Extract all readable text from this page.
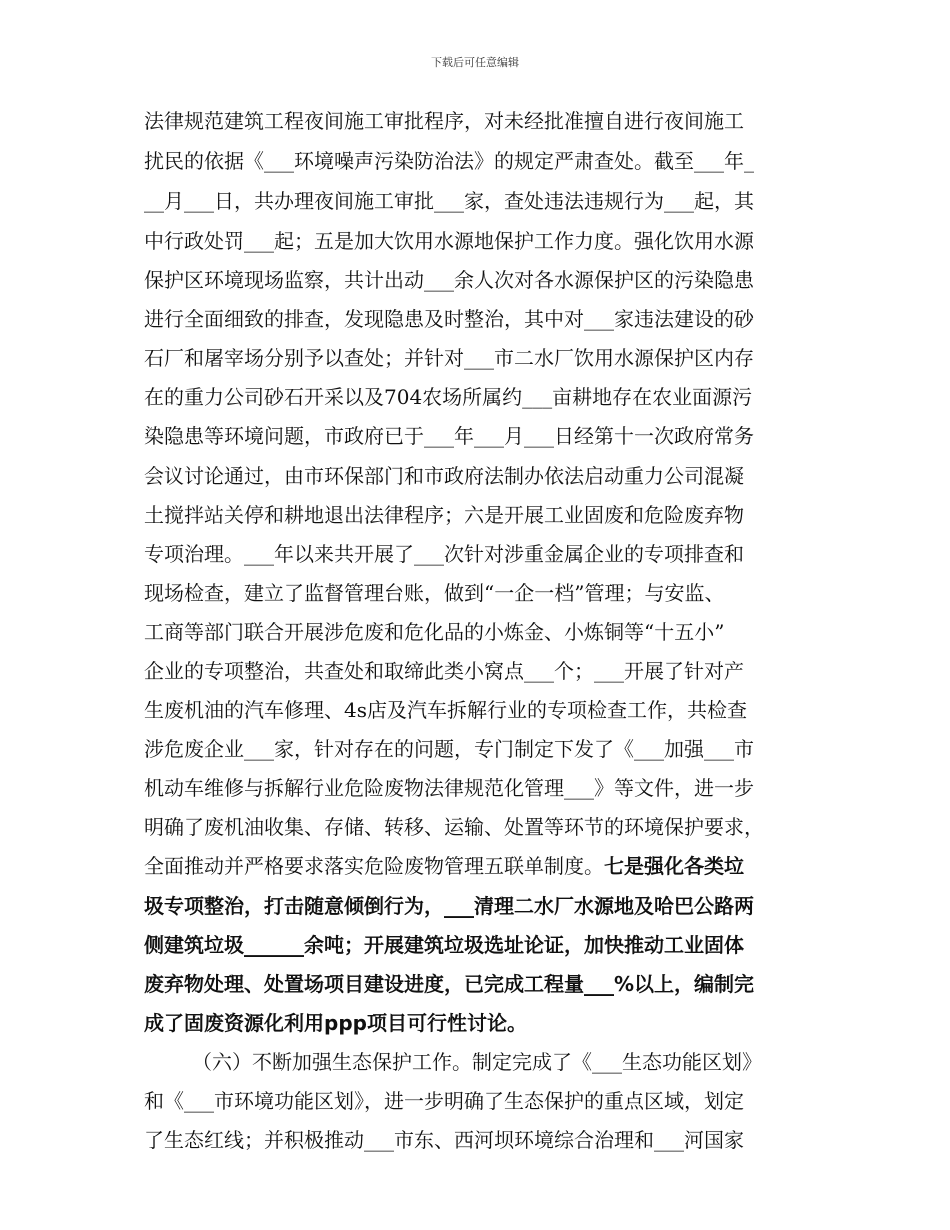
下载后可任意编辑
法律规范建筑工程夜间施工审批程序，对未经批准擅自进行夜间施工
扰民的依据《___环境噪声污染防治法》的规定严肃查处。截至___年_
__月___日，共办理夜间施工审批___家，查处违法违规行为___起，其
中行政处罚___起；五是加大饮用水源地保护工作力度。强化饮用水源
保护区环境现场监察，共计出动___余人次对各水源保护区的污染隐患
进行全面细致的排查，发现隐患及时整治，其中对___家违法建设的砂
石厂和屠宰场分别予以查处；并针对___市二水厂饮用水源保护区内存
在的重力公司砂石开采以及704农场所属约___亩耕地存在农业面源污
染隐患等环境问题，市政府已于___年___月___日经第十一次政府常务
会议讨论通过，由市环保部门和市政府法制办依法启动重力公司混凝
土搅拌站关停和耕地退出法律程序；六是开展工业固废和危险废弃物
专项治理。___年以来共开展了___次针对涉重金属企业的专项排查和
现场检查，建立了监督管理台账，做到“一企一档”管理；与安监、
工商等部门联合开展涉危废和危化品的小炼金、小炼铜等“十五小”
企业的专项整治，共查处和取缔此类小窝点___个；___开展了针对产
生废机油的汽车修理、4s店及汽车拆解行业的专项检查工作，共检查
涉危废企业___家，针对存在的问题，专门制定下发了《___加强___市
机动车维修与拆解行业危险废物法律规范化管理___》等文件，进一步
明确了废机油收集、存储、转移、运输、处置等环节的环境保护要求，
全面推动并严格要求落实危险废物管理五联单制度。七是强化各类垃
圾专项整治，打击随意倾倒行为，___清理二水厂水源地及哈巴公路两
侧建筑垃圾______余吨；开展建筑垃圾选址论证，加快推动工业固体
废弃物处理、处置场项目建设进度，已完成工程量___%以上，编制完
成了固废资源化利用ppp项目可行性讨论。
（六）不断加强生态保护工作。制定完成了《___生态功能区划》
和《___市环境功能区划》，进一步明确了生态保护的重点区域，划定
了生态红线；并积极推动___市东、西河坝环境综合治理和___河国家
